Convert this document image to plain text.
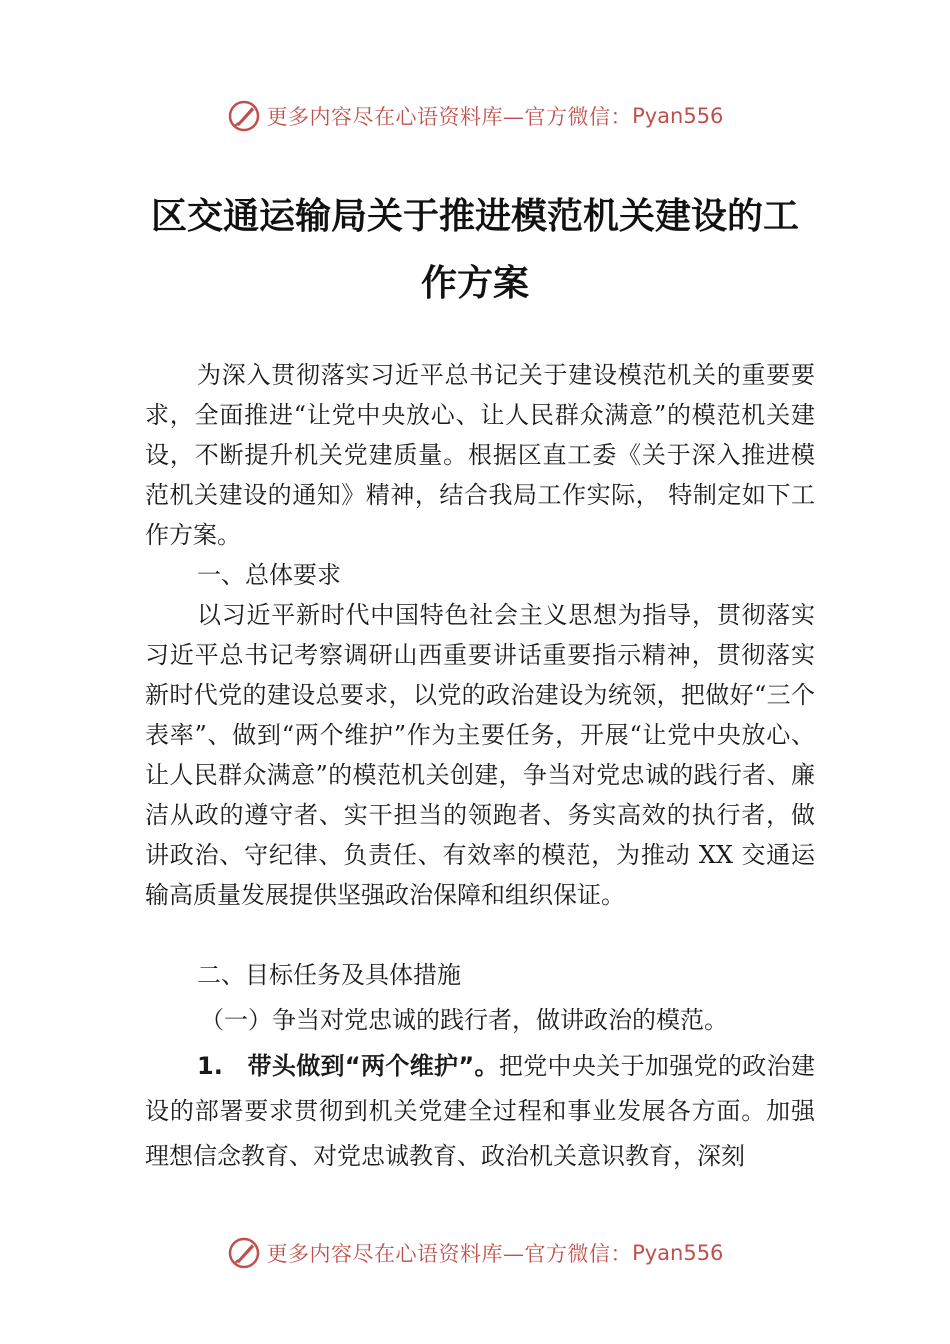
更多内容尽在心语资料库—官方微信： Pyan556
区交通运输局关于推进模范机关建设的工
作方案

为深入贯彻落实习近平总书记关于建设模范机关的重要要求，全面推进“让党中央放心、让人民群众满意”的模范机关建设，不断提升机关党建质量。根据区直工委《关于深入推进模范机关建设的通知》精神，结合我局工作实际， 特制定如下工作方案。

一、总体要求

以习近平新时代中国特色社会主义思想为指导，贯彻落实习近平总书记考察调研山西重要讲话重要指示精神，贯彻落实新时代党的建设总要求，以党的政治建设为统领，把做好“三个表率”、做到“两个维护”作为主要任务，开展“让党中央放心、让人民群众满意”的模范机关创建，争当对党忠诚的践行者、廉洁从政的遵守者、实干担当的领跑者、务实高效的执行者，做讲政治、守纪律、负责任、有效率的模范，为推动 XX 交通运输高质量发展提供坚强政治保障和组织保证。

二、目标任务及具体措施

（一）争当对党忠诚的践行者，做讲政治的模范。

1.　带头做到“两个维护”。把党中央关于加强党的政治建设的部署要求贯彻到机关党建全过程和事业发展各方面。加强理想信念教育、对党忠诚教育、政治机关意识教育，深刻

更多内容尽在心语资料库—官方微信： Pyan556
